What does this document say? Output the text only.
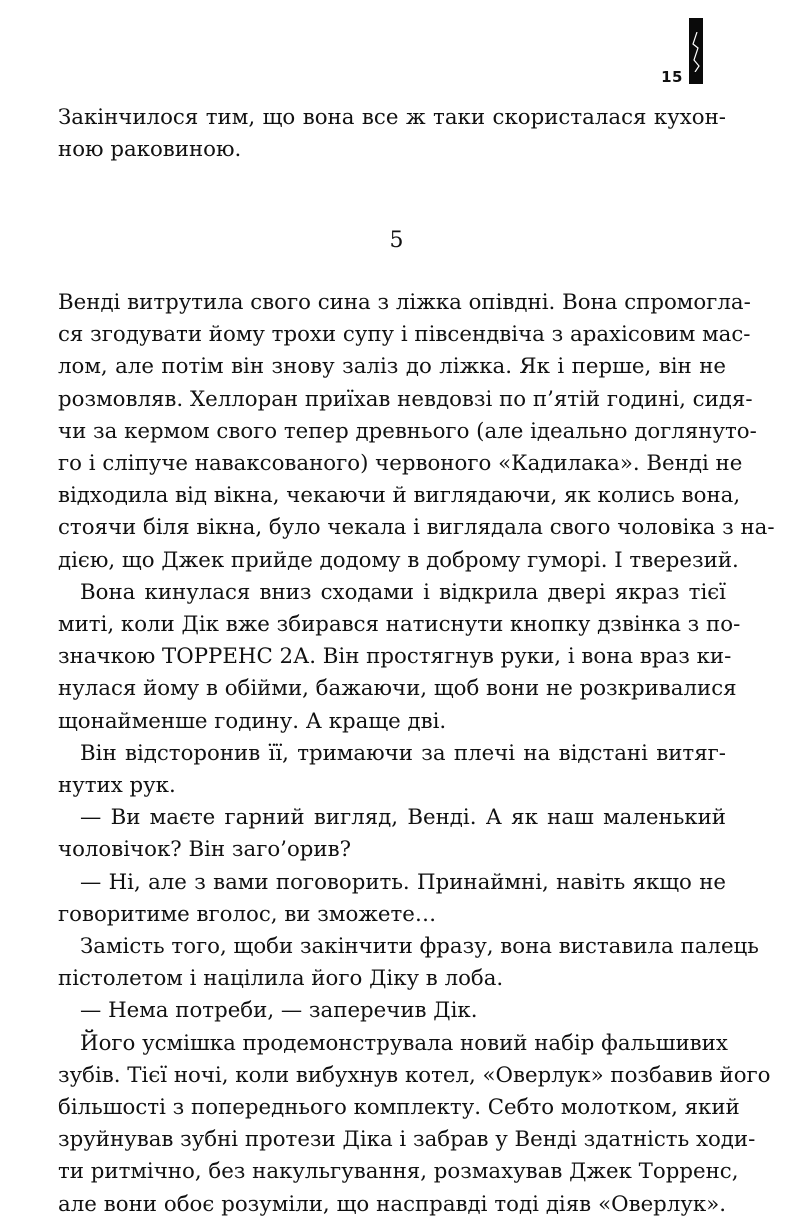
15
Закінчилося тим, що вона все ж таки скористалася кухон-
ною раковиною.
5
Венді витрутила свого сина з ліжка опівдні. Вона спромогла-
ся згодувати йому трохи супу і півсендвіча з арахісовим мас-
лом, але потім він знову заліз до ліжка. Як і перше, він не
розмовляв. Хеллоран приїхав невдовзі по п’ятій годині, сидя-
чи за кермом свого тепер древнього (але ідеально доглянуто-
го і сліпуче наваксованого) червоного «Кадилака». Венді не
відходила від вікна, чекаючи й виглядаючи, як колись вона,
стоячи біля вікна, було чекала і виглядала свого чоловіка з на-
дією, що Джек прийде додому в доброму гуморі. І тверезий.
Вона кинулася вниз сходами і відкрила двері якраз тієї
миті, коли Дік вже збирався натиснути кнопку дзвінка з по-
значкою ТОРРЕНС 2А. Він простягнув руки, і вона враз ки-
нулася йому в обійми, бажаючи, щоб вони не розкривалися
щонайменше годину. А краще дві.
Він відсторонив її, тримаючи за плечі на відстані витяг-
нутих рук.
— Ви маєте гарний вигляд, Венді. А як наш маленький
чоловічок? Він заго’орив?
— Ні, але з вами поговорить. Принаймні, навіть якщо не
говоритиме вголос, ви зможете…
Замість того, щоби закінчити фразу, вона виставила палець
пістолетом і націлила його Діку в лоба.
— Нема потреби, — заперечив Дік.
Його усмішка продемонструвала новий набір фальшивих
зубів. Тієї ночі, коли вибухнув котел, «Оверлук» позбавив його
більшості з попереднього комплекту. Себто молотком, який
зруйнував зубні протези Діка і забрав у Венді здатність ходи-
ти ритмічно, без накульгування, розмахував Джек Торренс,
але вони обоє розуміли, що насправді тоді діяв «Оверлук».
